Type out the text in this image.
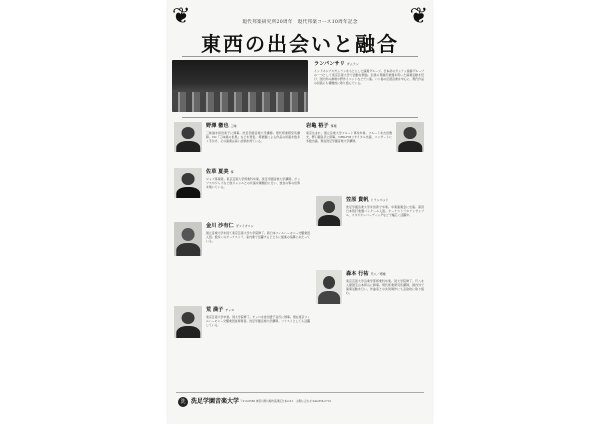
❦	❦
現代邦楽研究所20周年　現代邦楽コース10周年記念
東西の出会いと融合
ランパンサリ ガムラン
インドネシアやガムランをもとにした演奏グループ。日本初のガムラン演奏グループの一つとして東京芸術大学で活動を開始。伝統の青銅打楽器を用いた演奏活動を続け、国内外の劇場や野外イベントなどで公演。バリ島の伝統音楽を中心に、現代作品の初演にも積極的に取り組んでいる。
野澤 徹也 三味
三味線を和田和子に師事。洗足学園音楽大学講師。現代邦楽研究所講師。CD『三味線の世界』などを発表。邦楽器による作品の初演を数多く手がけ、その演奏は高い評価を得ている。
岩亀 裕子 筝楽
東京生まれ。国立音楽大学フルート専攻卒業。フルートを吉田雅夫、野口龍各氏に師事。NHK-FMリサイタル出演、コンサートに多数出演。現在洗足学園音楽大学講師。
佐草 夏美 筝
ジャズ筝奏者。東京芸術大学邦楽科卒業。洗足学園音楽大学講師。ポップスやジャズなど他ジャンルとの共演を積極的に行い、独自の筝の世界を築いている。
笠原 貴帆 トランペット
洗足学園音楽大学を首席で卒業。卒業演奏会に出演。第回日本管打楽器コンクール入賞。オーケストラやアンサンブル、スタジオレコーディングなどで幅広く活躍中。
金川 沙有仁 ヴァイオリン
国立音楽大学を経て東京芸術大学大学院修了。新日本フィルハーモニー交響楽団入団。数多くのオーケストラ、室内楽で活躍するとともに後進の指導にあたっている。
森本 行祐 尺八／邦楽
東京芸術大学音楽学部邦楽科卒業。同大学院修了。尺八を人間国宝山本邦山に師事。現代邦楽研究所講師。国内外で演奏活動を行い、作曲家との共同制作にも意欲的に取り組む。
荒 満子 チェロ
東京芸術大学卒業。同大学院修了。チェロを倉田澄子各氏に師事。現在東京フィルハーモニー交響楽団首席奏者。洗足学園音楽大学講師。ソリストとしても活躍している。
洗 洗足学園音楽大学 〒213-8580 神奈川県川崎市高津区久本2-3-1　お問い合わせ 044-856-2713
